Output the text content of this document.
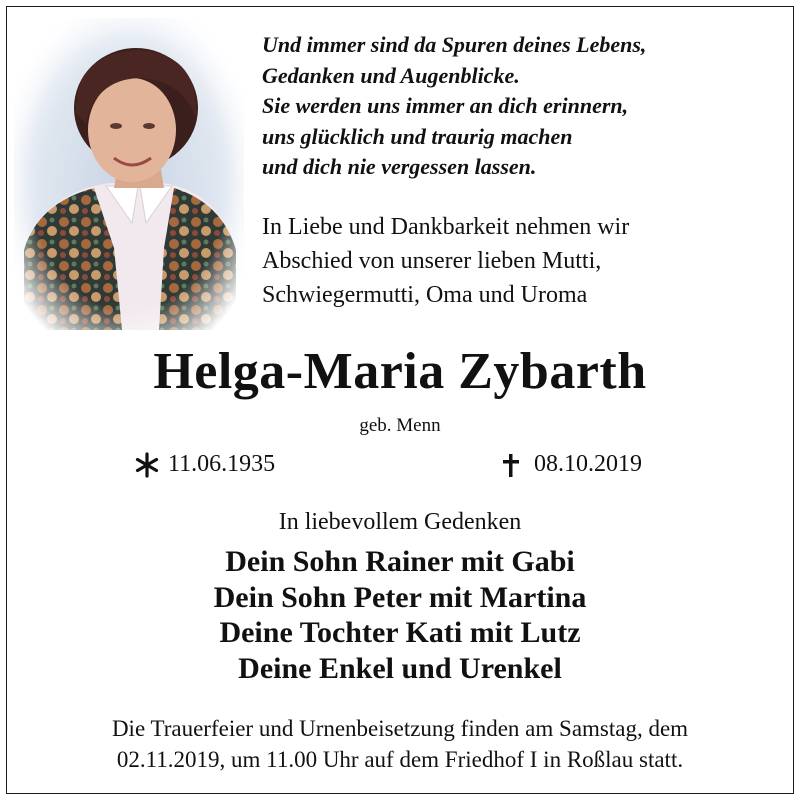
Und immer sind da Spuren deines Lebens,
Gedanken und Augenblicke.
Sie werden uns immer an dich erinnern,
uns glücklich und traurig machen
und dich nie vergessen lassen.
In Liebe und Dankbarkeit nehmen wir
Abschied von unserer lieben Mutti,
Schwiegermutti, Oma und Uroma
Helga-Maria Zybarth
geb. Menn
11.06.1935	08.10.2019
In liebevollem Gedenken
Dein Sohn Rainer mit Gabi
Dein Sohn Peter mit Martina
Deine Tochter Kati mit Lutz
Deine Enkel und Urenkel
Die Trauerfeier und Urnenbeisetzung finden am Samstag, dem
02.11.2019, um 11.00 Uhr auf dem Friedhof I in Roßlau statt.
